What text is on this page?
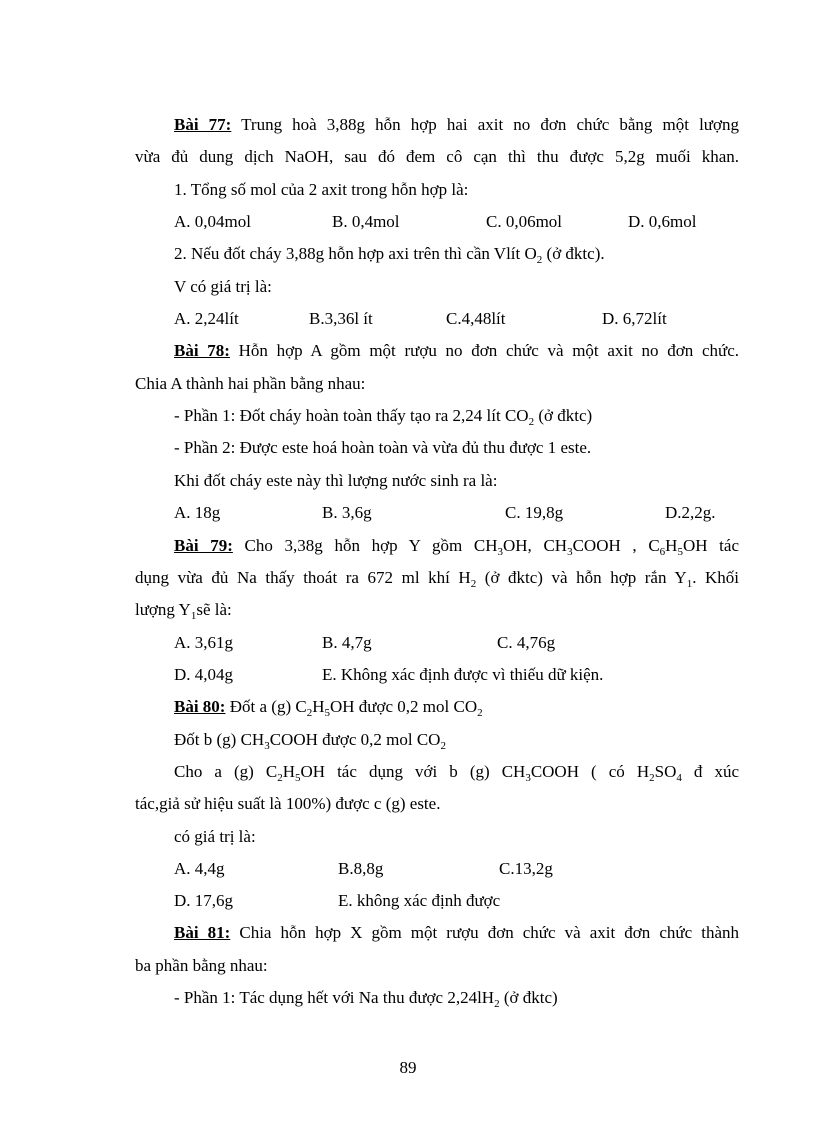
Bài 77: Trung hoà 3,88g hỗn hợp hai axit no đơn chức bằng một lượng
vừa đủ dung dịch NaOH, sau đó đem cô cạn thì thu được 5,2g muối khan.
1. Tổng số mol của 2 axit trong hỗn hợp là:
A. 0,04mol	B. 0,4mol	C. 0,06mol	D. 0,6mol
2. Nếu đốt cháy 3,88g hỗn hợp axi trên thì cần Vlít $O_2$ (ở đktc).
V có giá trị là:
A. 2,24lít	B.3,36l ít	C.4,48lít	D. 6,72lít
Bài 78: Hỗn hợp A gồm một rượu no đơn chức và một axit no đơn chức.
Chia A thành hai phần bằng nhau:
- Phần 1: Đốt cháy hoàn toàn thấy tạo ra 2,24 lít $CO_2$ (ở đktc)
- Phần 2: Được este hoá hoàn toàn và vừa đủ thu được 1 este.
Khi đốt cháy este này thì lượng nước sinh ra là:
A. 18g	B. 3,6g	C. 19,8g	D.2,2g.
Bài 79: Cho 3,38g hỗn hợp Y gồm $CH_3OH$, $CH_3COOH$ , $C_6H_5OH$ tác
dụng vừa đủ Na thấy thoát ra 672 ml khí $H_2$ (ở đktc) và hỗn hợp rắn $Y_1$. Khối
lượng $Y_1sẽ$ là:
A. 3,61g	B. 4,7g	C. 4,76g
D. 4,04g	E. Không xác định được vì thiếu dữ kiện.
Bài 80: Đốt a (g) $C_2H_5OH$ được 0,2 mol $CO_2$
Đốt b (g) $CH_3COOH$ được 0,2 mol $CO_2$
Cho a (g) $C_2H_5OH$ tác dụng với b (g) $CH_3COOH$ ( có $H_2SO_4$ đ xúc
tác,giả sử hiệu suất là 100%) được c (g) este.
có giá trị là:
A. 4,4g	B.8,8g	C.13,2g
D. 17,6g	E. không xác định được
Bài 81: Chia hỗn hợp X gồm một rượu đơn chức và axit đơn chức thành
ba phần bằng nhau:
- Phần 1: Tác dụng hết với Na thu được $2,24lH_2$ (ở đktc)
89
